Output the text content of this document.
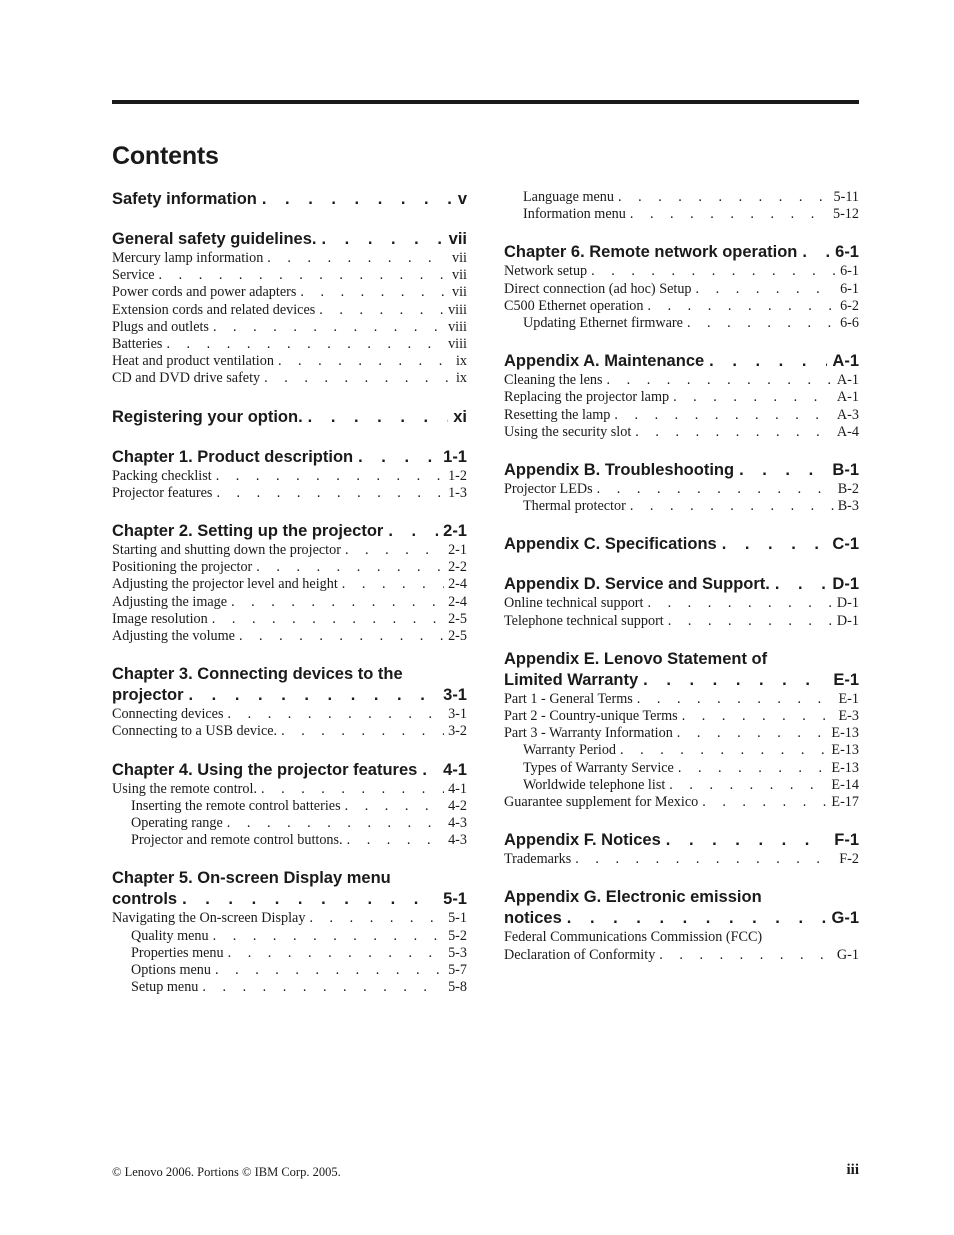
Contents
Safety information . . .	v
General safety guidelines. . . .	vii
Mercury lamp information . . .	vii
Service . . .	vii
Power cords and power adapters . . .	vii
Extension cords and related devices . . .	viii
Plugs and outlets . . .	viii
Batteries . . .	viii
Heat and product ventilation . . .	ix
CD and DVD drive safety . . .	ix
Registering your option. . . .	xi
Chapter 1. Product description . . .	1-1
Packing checklist . . .	1-2
Projector features . . .	1-3
Chapter 2. Setting up the projector . . .	2-1
Starting and shutting down the projector . . .	2-1
Positioning the projector . . .	2-2
Adjusting the projector level and height . . .	2-4
Adjusting the image . . .	2-4
Image resolution . . .	2-5
Adjusting the volume . . .	2-5
Chapter 3. Connecting devices to the
projector . . .	3-1
Connecting devices . . .	3-1
Connecting to a USB device. . . .	3-2
Chapter 4. Using the projector features . . . 4-1
Using the remote control. . . .	4-1
Inserting the remote control batteries . . .	4-2
Operating range . . .	4-3
Projector and remote control buttons. . . .	4-3
Chapter 5. On-screen Display menu
controls . . .	5-1
Navigating the On-screen Display . . .	5-1
Quality menu . . .	5-2
Properties menu . . .	5-3
Options menu . . .	5-7
Setup menu . . .	5-8
Language menu . . .	5-11
Information menu . . .	5-12
Chapter 6. Remote network operation . . . 6-1
Network setup . . .	6-1
Direct connection (ad hoc) Setup . . .	6-1
C500 Ethernet operation . . .	6-2
Updating Ethernet firmware . . .	6-6
Appendix A. Maintenance . . .	A-1
Cleaning the lens . . .	A-1
Replacing the projector lamp . . .	A-1
Resetting the lamp . . .	A-3
Using the security slot . . .	A-4
Appendix B. Troubleshooting . . .	B-1
Projector LEDs . . .	B-2
Thermal protector . . .	B-3
Appendix C. Specifications . . .	C-1
Appendix D. Service and Support. . . .	D-1
Online technical support . . .	D-1
Telephone technical support . . .	D-1
Appendix E. Lenovo Statement of
Limited Warranty . . .	E-1
Part 1 - General Terms . . .	E-1
Part 2 - Country-unique Terms . . .	E-3
Part 3 - Warranty Information . . .	E-13
Warranty Period . . .	E-13
Types of Warranty Service . . .	E-13
Worldwide telephone list . . .	E-14
Guarantee supplement for Mexico . . .	E-17
Appendix F. Notices . . .	F-1
Trademarks . . .	F-2
Appendix G. Electronic emission
notices . . .	G-1
Federal Communications Commission (FCC)
Declaration of Conformity . . .	G-1
© Lenovo 2006. Portions © IBM Corp. 2005.	iii
